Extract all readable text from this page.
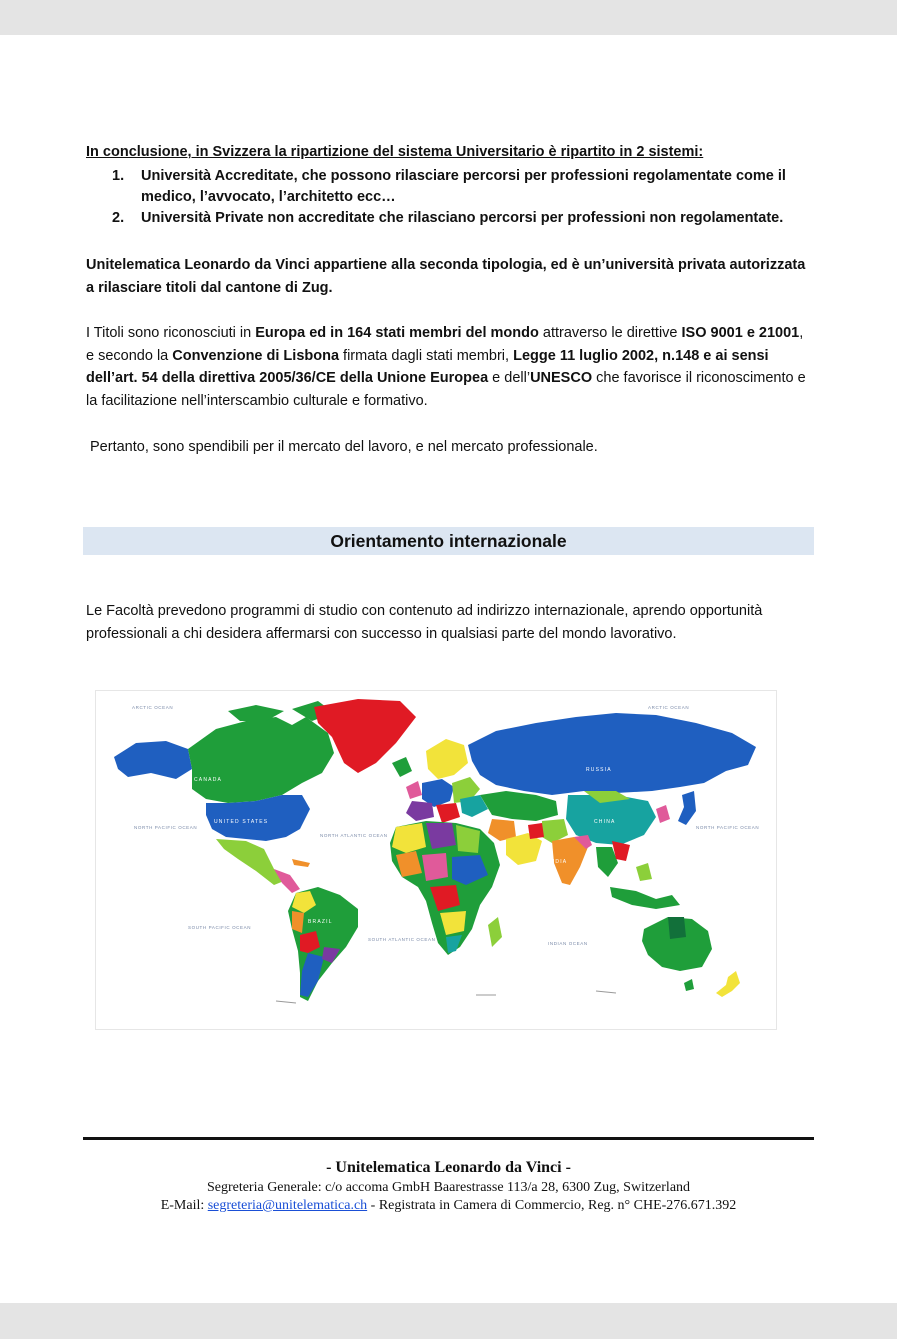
In conclusione, in Svizzera la ripartizione del sistema Universitario è ripartito in 2 sistemi:
1. Università Accreditate, che possono rilasciare percorsi per professioni regolamentate come il medico, l’avvocato, l’architetto ecc…
2. Università Private non accreditate che rilasciano percorsi per professioni non regolamentate.
Unitelematica Leonardo da Vinci appartiene alla seconda tipologia, ed è un’università privata autorizzata a rilasciare titoli dal cantone di Zug.
I Titoli sono riconosciuti in Europa ed in 164 stati membri del mondo attraverso le direttive ISO 9001 e 21001, e secondo la Convenzione di Lisbona firmata dagli stati membri, Legge 11 luglio 2002, n.148 e ai sensi dell’art. 54 della direttiva 2005/36/CE della Unione Europea e dell’UNESCO che favorisce il riconoscimento e la facilitazione nell’interscambio culturale e formativo.
Pertanto, sono spendibili per il mercato del lavoro, e nel mercato professionale.
Orientamento internazionale
Le Facoltà prevedono programmi di studio con contenuto ad indirizzo internazionale, aprendo opportunità professionali a chi desidera affermarsi con successo in qualsiasi parte del mondo lavorativo.
ARCTIC OCEAN	ARCTIC OCEAN
NORTH PACIFIC OCEAN
NORTH ATLANTIC OCEAN
NORTH PACIFIC OCEAN
SOUTH PACIFIC OCEAN
SOUTH ATLANTIC OCEAN
INDIAN OCEAN
CANADA
UNITED STATES
RUSSIA
CHINA
INDIA
BRAZIL
- Unitelematica Leonardo da Vinci -
Segreteria Generale: c/o accoma GmbH Baarestrasse 113/a 28, 6300 Zug, Switzerland
E-Mail: segreteria@unitelematica.ch - Registrata in Camera di Commercio, Reg. n° CHE-276.671.392
